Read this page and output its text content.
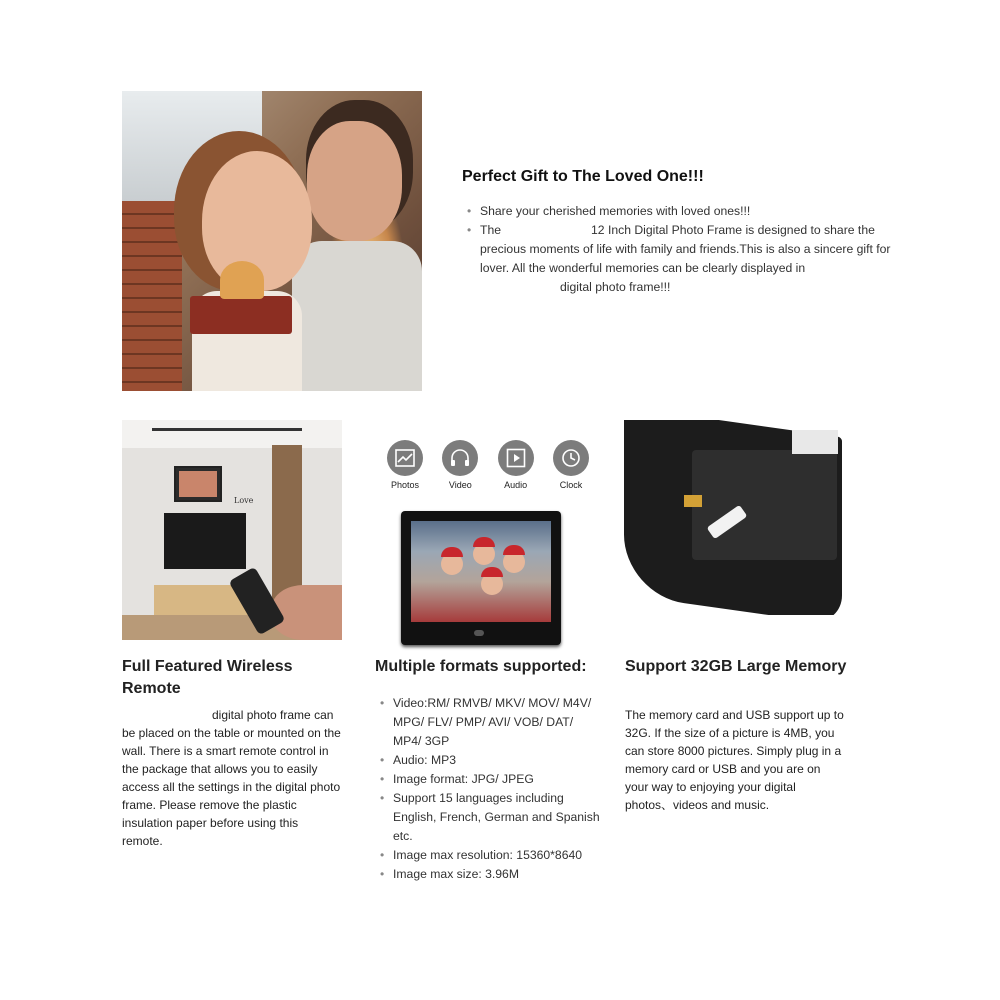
Perfect Gift to The Loved One!!!
• Share your cherished memories with loved ones!!!
• The	12 Inch Digital Photo Frame is designed to share the precious moments of life with family and friends.This is also a sincere gift for lover. All the wonderful memories can be clearly displayed in
digital photo frame!!!
Love
Full Featured Wireless Remote

digital photo frame can be placed on the table or mounted on the wall. There is a smart remote control in the package that allows you to easily access all the settings in the digital photo frame. Please remove the plastic insulation paper before using this remote.

Photos	Video	Audio	Clock
Multiple formats supported:
• Video:RM/ RMVB/ MKV/ MOV/ M4V/ MPG/ FLV/ PMP/ AVI/ VOB/ DAT/ MP4/ 3GP
• Audio: MP3
• Image format: JPG/ JPEG
• Support 15 languages including English, French, German and Spanish etc.
• Image max resolution: 15360*8640
• Image max size: 3.96M
Support 32GB Large Memory

The memory card and USB support up to 32G. If the size of a picture is 4MB, you can store 8000 pictures. Simply plug in a memory card or USB and you are on your way to enjoying your digital photos、videos and music.
